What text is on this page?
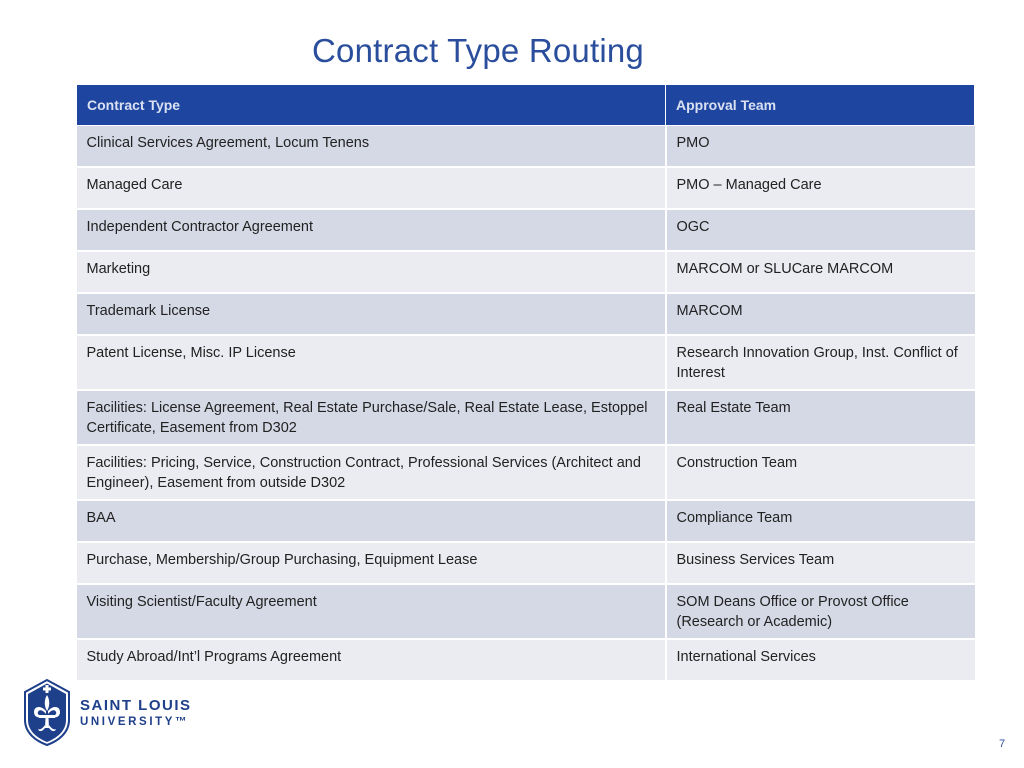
Contract Type Routing
Contract Type	Approval Team
Clinical Services Agreement, Locum Tenens	PMO
Managed Care	PMO – Managed Care
Independent Contractor Agreement	OGC
Marketing	MARCOM or SLUCare MARCOM
Trademark License	MARCOM
Patent License, Misc. IP License	Research Innovation Group, Inst. Conflict of Interest
Facilities: License Agreement, Real Estate Purchase/Sale, Real Estate Lease, Estoppel Certificate, Easement from D302	Real Estate Team
Facilities: Pricing, Service, Construction Contract, Professional Services (Architect and Engineer), Easement from outside D302	Construction Team
BAA	Compliance Team
Purchase, Membership/Group Purchasing, Equipment Lease	Business Services Team
Visiting Scientist/Faculty Agreement	SOM Deans Office or Provost Office (Research or Academic)
Study Abroad/Int’l Programs Agreement	International Services
SAINT LOUIS
UNIVERSITY™
7
